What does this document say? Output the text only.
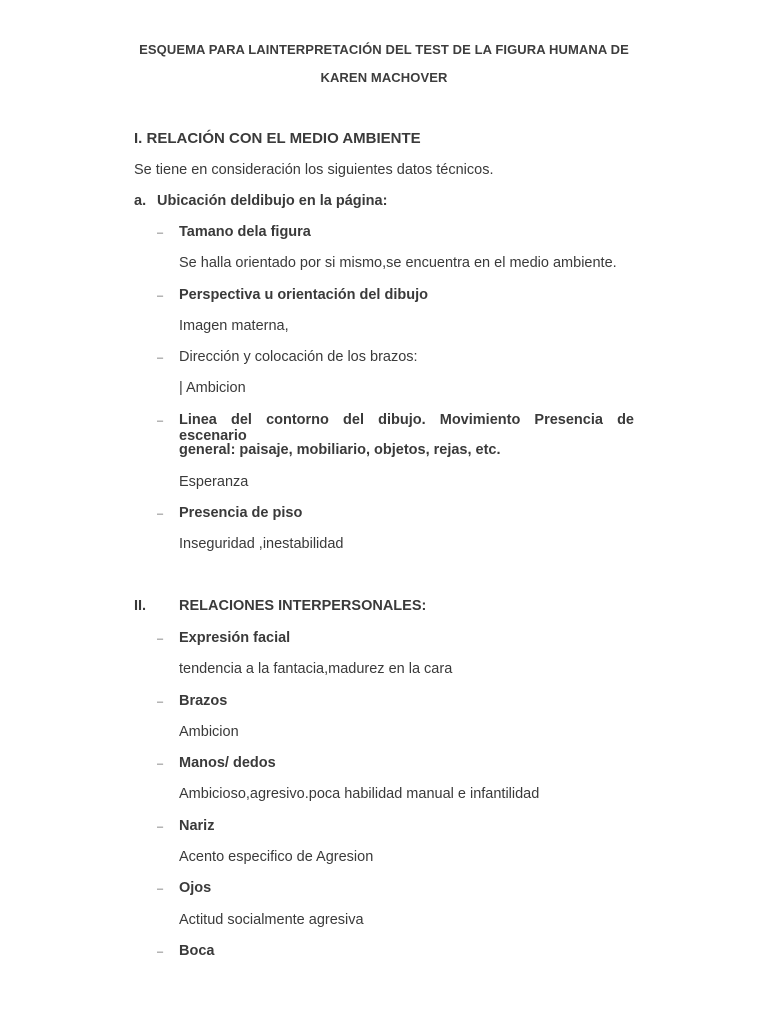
ESQUEMA PARA LAINTERPRETACIÓN DEL TEST DE LA FIGURA HUMANA DE
KAREN MACHOVER
I. RELACIÓN CON EL MEDIO AMBIENTE
Se tiene en consideración los siguientes datos técnicos.
a. Ubicación deldibujo en la página:
– Tamano dela figura
Se halla orientado por si mismo,se encuentra en el medio ambiente.
– Perspectiva u orientación del dibujo
Imagen materna,
– Dirección y colocación de los brazos:
| Ambicion
– Linea del contorno del dibujo. Movimiento Presencia de escenario
general: paisaje, mobiliario, objetos, rejas, etc.
Esperanza
– Presencia de piso
Inseguridad ,inestabilidad
II. RELACIONES INTERPERSONALES:
– Expresión facial
tendencia a la fantacia,madurez en la cara
– Brazos
Ambicion
– Manos/ dedos
Ambicioso,agresivo.poca habilidad manual e infantilidad
– Nariz
Acento especifico de Agresion
– Ojos
Actitud socialmente agresiva
– Boca
